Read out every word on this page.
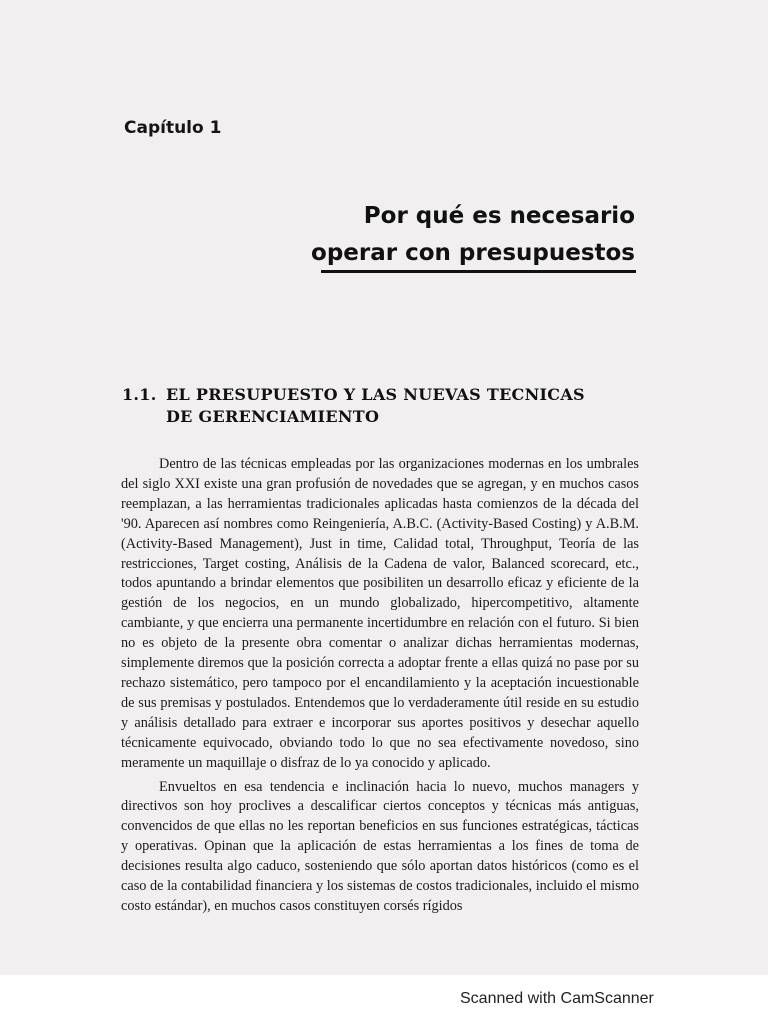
Capítulo 1
Por qué es necesario
operar con presupuestos
1.1. EL PRESUPUESTO Y LAS NUEVAS TECNICAS
DE GERENCIAMIENTO

Dentro de las técnicas empleadas por las organizaciones modernas en los umbrales del siglo XXI existe una gran profusión de novedades que se agregan, y en muchos casos reemplazan, a las herramientas tradicionales aplicadas hasta comienzos de la década del '90. Aparecen así nombres como Reingeniería, A.B.C. (Activity-Based Costing) y A.B.M. (Activity-Based Management), Just in time, Calidad total, Throughput, Teoría de las restricciones, Target costing, Análisis de la Cadena de valor, Balanced scorecard, etc., todos apuntando a brindar elementos que posibiliten un desarrollo eficaz y eficiente de la gestión de los negocios, en un mundo globalizado, hipercompetitivo, altamente cambiante, y que encierra una permanente incertidumbre en relación con el futuro. Si bien no es objeto de la presente obra comentar o analizar dichas herramientas modernas, simplemente diremos que la posición correcta a adoptar frente a ellas quizá no pase por su rechazo sistemático, pero tampoco por el encandilamiento y la aceptación incuestionable de sus premisas y postulados. Entendemos que lo verdaderamente útil reside en su estudio y análisis detallado para extraer e incorporar sus aportes positivos y desechar aquello técnicamente equivocado, obviando todo lo que no sea efectivamente novedoso, sino meramente un maquillaje o disfraz de lo ya conocido y aplicado.

Envueltos en esa tendencia e inclinación hacia lo nuevo, muchos managers y directivos son hoy proclives a descalificar ciertos conceptos y técnicas más antiguas, convencidos de que ellas no les reportan beneficios en sus funciones estratégicas, tácticas y operativas. Opinan que la aplicación de estas herramientas a los fines de toma de decisiones resulta algo caduco, sosteniendo que sólo aportan datos históricos (como es el caso de la contabilidad financiera y los sistemas de costos tradicionales, incluido el mismo costo estándar), en muchos casos constituyen corsés rígidos

Scanned with CamScanner
